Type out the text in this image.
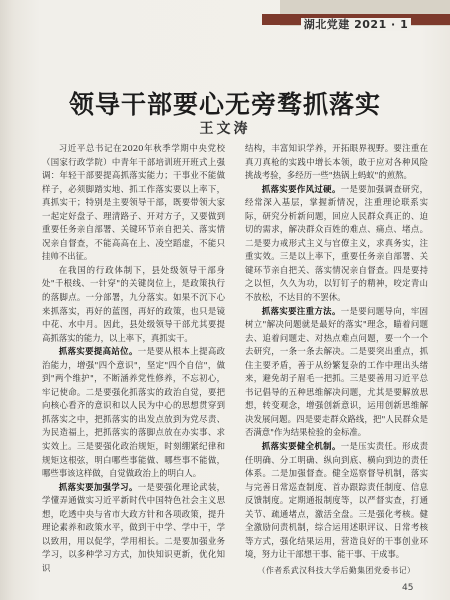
湖北党建 2021 · 1
领导干部要心无旁骛抓落实
王文涛

习近平总书记在2020年秋季学期中央党校（国家行政学院）中青年干部培训班开班式上强调：年轻干部要提高抓落实能力；干事业不能做样子，必须脚踏实地、抓工作落实要以上率下，真抓实干；特别是主要领导干部，既要带领大家一起定好盘子、理清路子、开对方子，又要做到重要任务亲自部署、关键环节亲自把关、落实情况亲自督查，不能高高在上、凌空蹈虚，不能只挂帅不出征。

在我国的行政体制下，县处级领导干部身处"千根线、一针穿"的关键岗位上，是政策执行的落脚点。一分部署，九分落实。如果不沉下心来抓落实，再好的蓝图，再好的政策，也只是镜中花、水中月。因此，县处级领导干部尤其要提高抓落实的能力，以上率下，真抓实干。

抓落实要提高站位。一是要从根本上提高政治能力，增强"四个意识"，坚定"四个自信"，做到"两个维护"，不断涵养党性修养，不忘初心，牢记使命。二是要强化抓落实的政治自觉，要把向核心看齐的意识和以人民为中心的思想贯穿到抓落实之中，把抓落实的出发点放到为党尽责、为民造福上，把抓落实的落脚点放在办实事、求实效上。三是要强化政治规矩，时刻绷紧纪律和规矩这根弦，明白哪些事能做、哪些事不能做，哪些事该这样做，自觉做政治上的明白人。

抓落实要加强学习。一是要强化理论武装，学懂弄通做实习近平新时代中国特色社会主义思想，吃透中央与省市大政方针和各项政策，提升理论素养和政策水平，做到干中学、学中干，学以致用，用以促学，学用相长。二是要加强业务学习，以多种学习方式，加快知识更新，优化知识

结构，丰富知识学养，开拓眼界视野。要注重在真刀真枪的实践中增长本领，敢于应对各种风险挑战考验，多经历一些"热锅上蚂蚁"的煎熬。

抓落实要作风过硬。一是要加强调查研究，经常深入基层，掌握新情况，注重理论联系实际，研究分析新问题，回应人民群众真正的、迫切的需求，解决群众百姓的难点、痛点、堵点。二是要力戒形式主义与官僚主义，求真务实，注重实效。三是以上率下，重要任务亲自部署、关键环节亲自把关、落实情况亲自督查。四是要持之以恒，久久为功，以钉钉子的精神，咬定青山不放松，不达目的不罢休。

抓落实要注重方法。一是要问题导向，牢固树立"解决问题就是最好的落实"理念，瞄着问题去、追着问题走、对热点难点问题，要一个一个去研究，一条一条去解决。二是要突出重点，抓住主要矛盾，善于从纷繁复杂的工作中理出头绪来，避免胡子眉毛一把抓。三是要善用习近平总书记倡导的五种思维解决问题，尤其是要解放思想，转变观念，增强创新意识，运用创新思维解决发展问题。四是要走群众路线，把"人民群众是否满意"作为结果检验的金标准。

抓落实要健全机制。一是压实责任。形成责任明确、分工明确、纵向到底、横向到边的责任体系。二是加强督查。健全巡察督导机制，落实与完善日常巡查制度、首办跟踪责任制度、信息反馈制度。定期通报制度等，以严督实查，打通关节、疏通堵点，激活全盘。三是强化考核。健全激励问责机制，综合运用述职评议、日常考核等方式，强化结果运用，营造良好的干事创业环境，努力让干部想干事、能干事、干成事。

（作者系武汉科技大学后勤集团党委书记）

45
